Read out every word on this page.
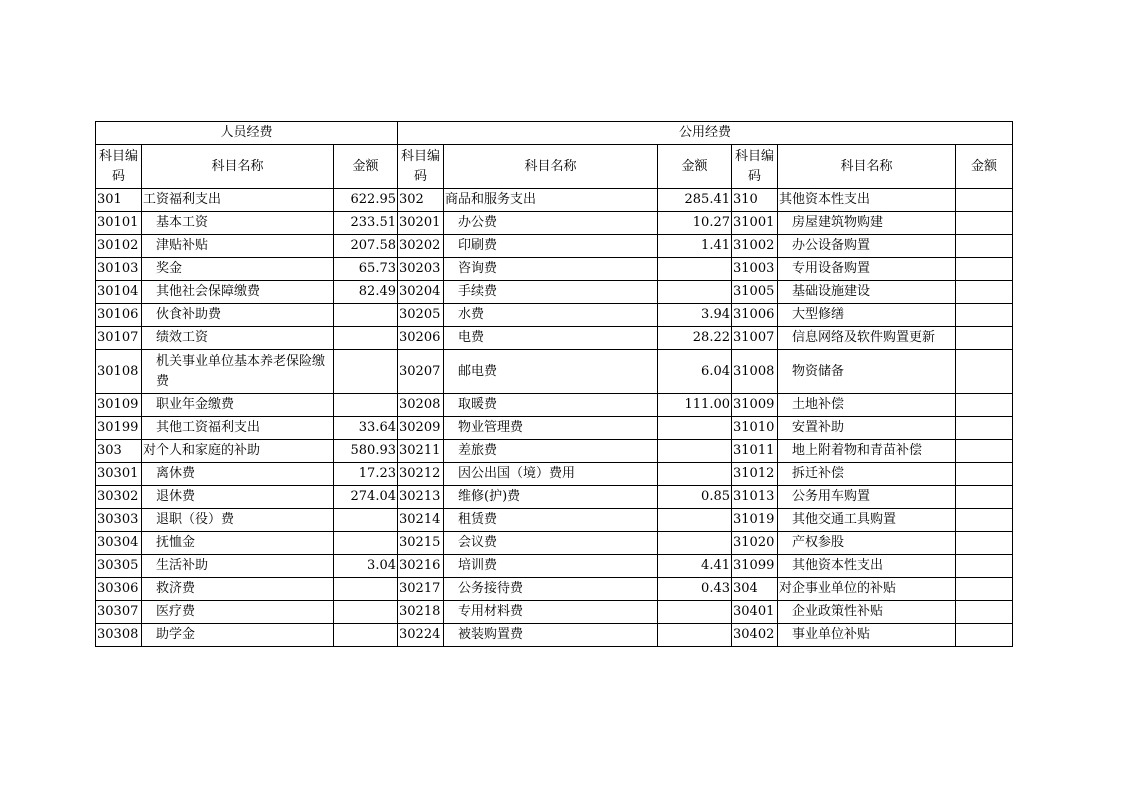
人员经费			公用经费					
科目编码	科目名称	金额	科目编码	科目名称	金额	科目编码	科目名称	金额
301	工资福利支出	622.95	302	商品和服务支出	285.41	310	其他资本性支出	
30101	基本工资	233.51	30201	办公费	10.27	31001	房屋建筑物购建	
30102	津贴补贴	207.58	30202	印刷费	1.41	31002	办公设备购置	
30103	奖金	65.73	30203	咨询费		31003	专用设备购置	
30104	其他社会保障缴费	82.49	30204	手续费		31005	基础设施建设	
30106	伙食补助费		30205	水费	3.94	31006	大型修缮	
30107	绩效工资		30206	电费	28.22	31007	信息网络及软件购置更新	
30108	机关事业单位基本养老保险缴费		30207	邮电费	6.04	31008	物资储备	
30109	职业年金缴费		30208	取暖费	111.00	31009	土地补偿	
30199	其他工资福利支出	33.64	30209	物业管理费		31010	安置补助	
303	对个人和家庭的补助	580.93	30211	差旅费		31011	地上附着物和青苗补偿	
30301	离休费	17.23	30212	因公出国（境）费用		31012	拆迁补偿	
30302	退休费	274.04	30213	维修(护)费	0.85	31013	公务用车购置	
30303	退职（役）费		30214	租赁费		31019	其他交通工具购置	
30304	抚恤金		30215	会议费		31020	产权参股	
30305	生活补助	3.04	30216	培训费	4.41	31099	其他资本性支出	
30306	救济费		30217	公务接待费	0.43	304	对企事业单位的补贴	
30307	医疗费		30218	专用材料费		30401	企业政策性补贴	
30308	助学金		30224	被装购置费		30402	事业单位补贴	
